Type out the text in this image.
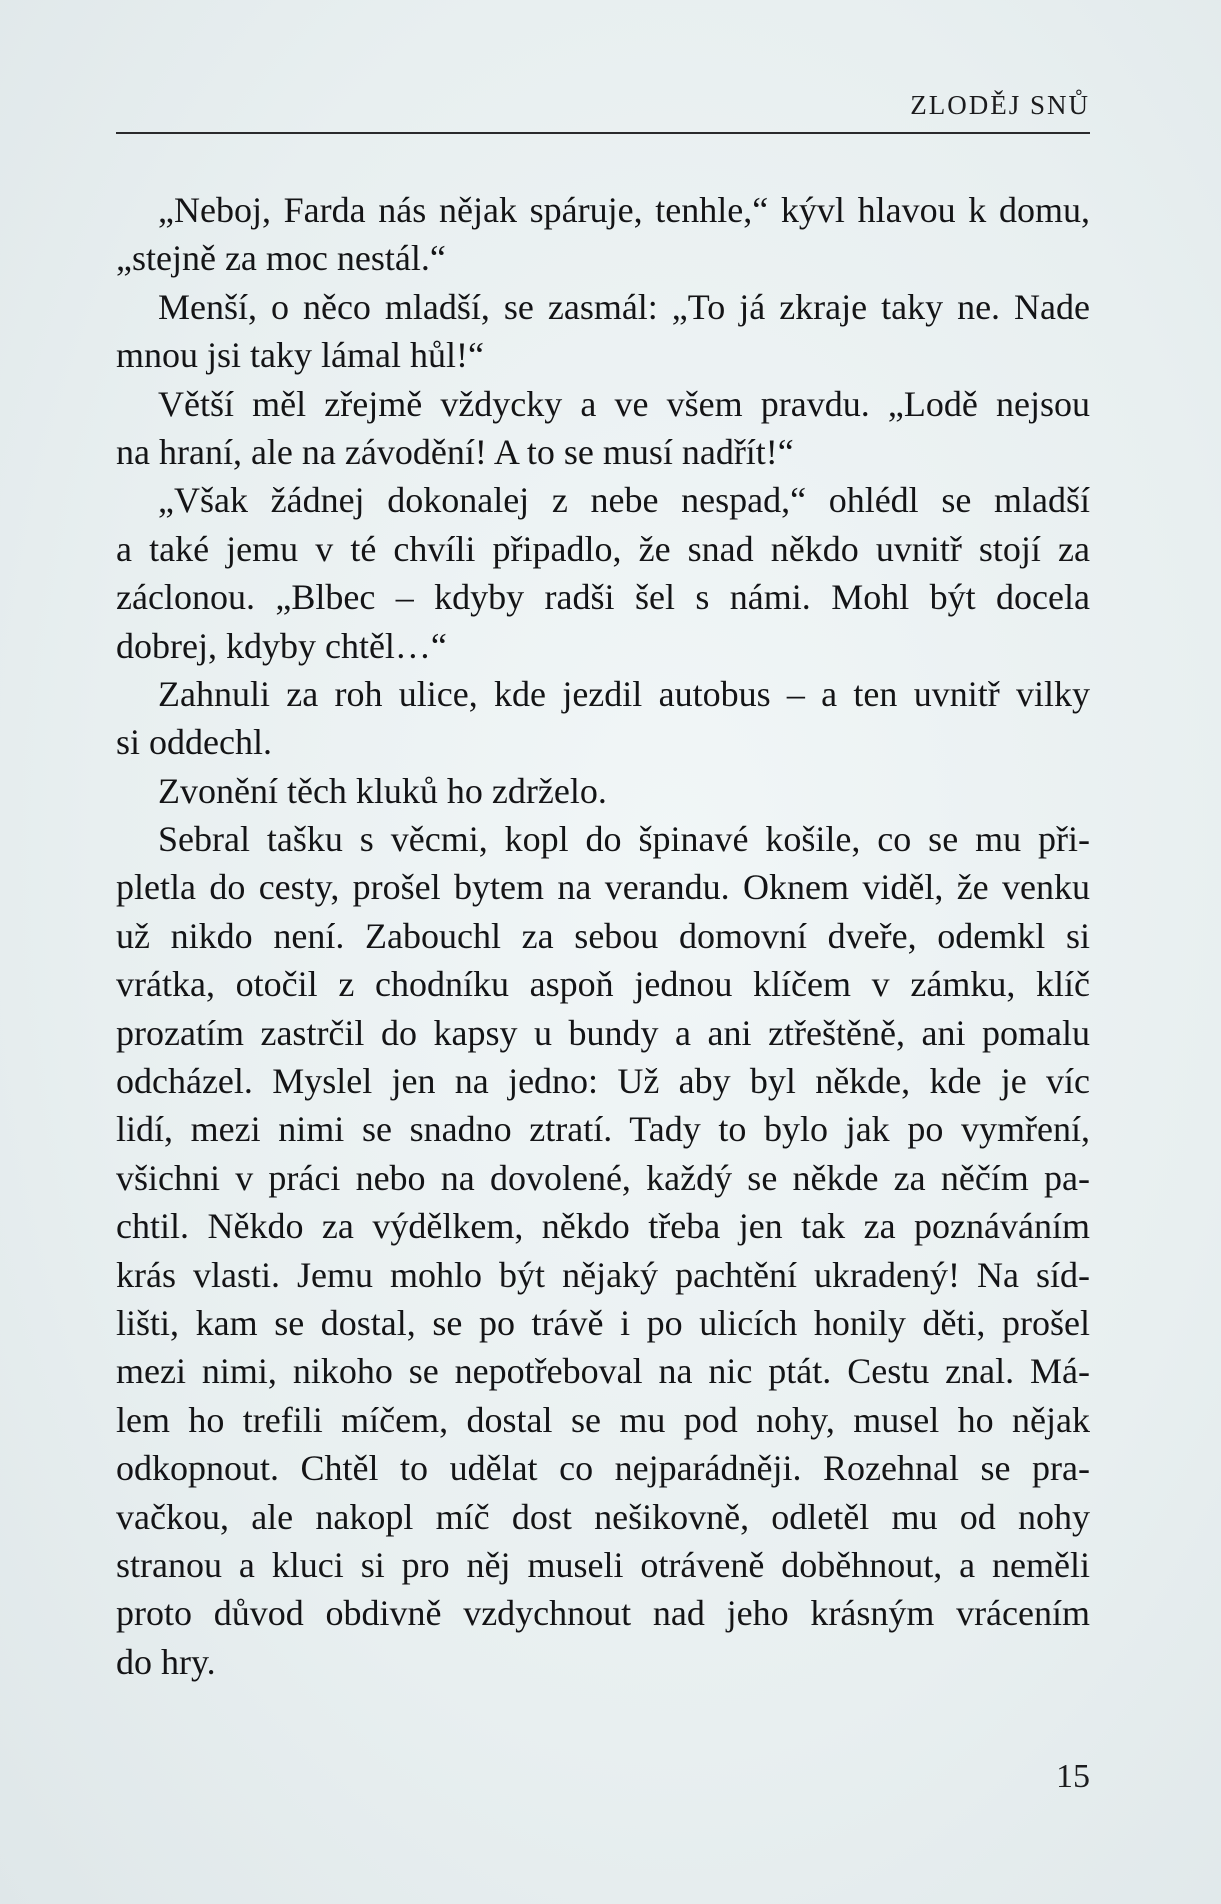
ZLODĚJ SNŮ

„Neboj, Farda nás nějak spáruje, tenhle,“ kývl hlavou k domu,

„stejně za moc nestál.“

Menší, o něco mladší, se zasmál: „To já zkraje taky ne. Nade

mnou jsi taky lámal hůl!“

Větší měl zřejmě vždycky a ve všem pravdu. „Lodě nejsou

na hraní, ale na závodění! A to se musí nadřít!“

„Však žádnej dokonalej z nebe nespad,“ ohlédl se mladší

a také jemu v té chvíli připadlo, že snad někdo uvnitř stojí za

záclonou. „Blbec – kdyby radši šel s námi. Mohl být docela

dobrej, kdyby chtěl…“

Zahnuli za roh ulice, kde jezdil autobus – a ten uvnitř vilky

si oddechl.

Zvonění těch kluků ho zdrželo.

Sebral tašku s věcmi, kopl do špinavé košile, co se mu při-

pletla do cesty, prošel bytem na verandu. Oknem viděl, že venku

už nikdo není. Zabouchl za sebou domovní dveře, odemkl si

vrátka, otočil z chodníku aspoň jednou klíčem v zámku, klíč

prozatím zastrčil do kapsy u bundy a ani ztřeštěně, ani pomalu

odcházel. Myslel jen na jedno: Už aby byl někde, kde je víc

lidí, mezi nimi se snadno ztratí. Tady to bylo jak po vymření,

všichni v práci nebo na dovolené, každý se někde za něčím pa-

chtil. Někdo za výdělkem, někdo třeba jen tak za poznáváním

krás vlasti. Jemu mohlo být nějaký pachtění ukradený! Na síd-

lišti, kam se dostal, se po trávě i po ulicích honily děti, prošel

mezi nimi, nikoho se nepotřeboval na nic ptát. Cestu znal. Má-

lem ho trefili míčem, dostal se mu pod nohy, musel ho nějak

odkopnout. Chtěl to udělat co nejparádněji. Rozehnal se pra-

vačkou, ale nakopl míč dost nešikovně, odletěl mu od nohy

stranou a kluci si pro něj museli otráveně doběhnout, a neměli

proto důvod obdivně vzdychnout nad jeho krásným vrácením

do hry.

15
